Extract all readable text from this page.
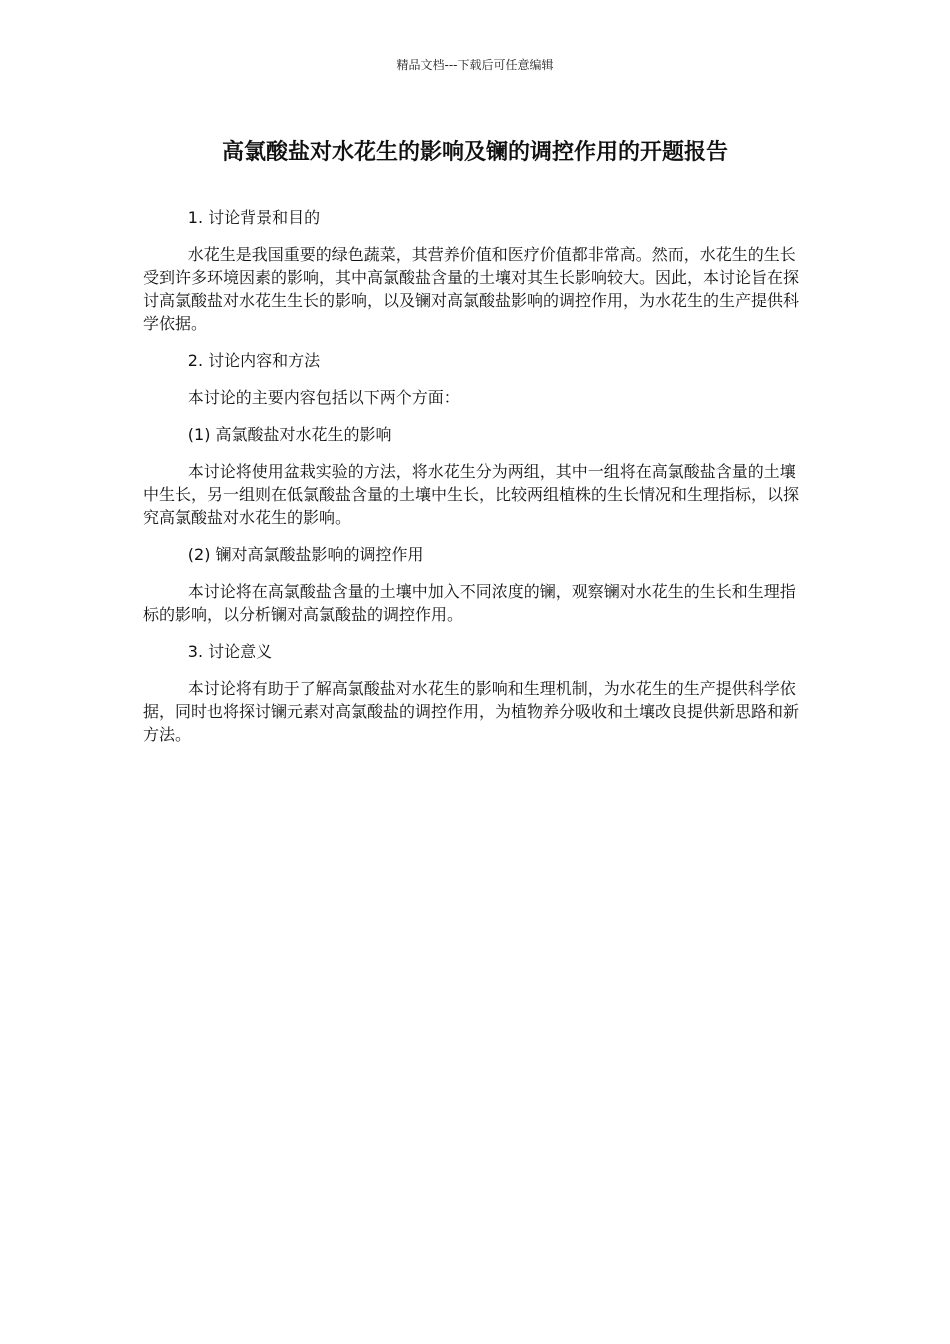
精品文档---下载后可任意编辑
高氯酸盐对水花生的影响及镧的调控作用的开题报告

1. 讨论背景和目的

水花生是我国重要的绿色蔬菜，其营养价值和医疗价值都非常高。然而，水花生的生长受到许多环境因素的影响，其中高氯酸盐含量的土壤对其生长影响较大。因此，本讨论旨在探讨高氯酸盐对水花生生长的影响，以及镧对高氯酸盐影响的调控作用，为水花生的生产提供科学依据。

2. 讨论内容和方法

本讨论的主要内容包括以下两个方面：

(1) 高氯酸盐对水花生的影响

本讨论将使用盆栽实验的方法，将水花生分为两组，其中一组将在高氯酸盐含量的土壤中生长，另一组则在低氯酸盐含量的土壤中生长，比较两组植株的生长情况和生理指标，以探究高氯酸盐对水花生的影响。

(2) 镧对高氯酸盐影响的调控作用

本讨论将在高氯酸盐含量的土壤中加入不同浓度的镧，观察镧对水花生的生长和生理指标的影响，以分析镧对高氯酸盐的调控作用。

3. 讨论意义

本讨论将有助于了解高氯酸盐对水花生的影响和生理机制，为水花生的生产提供科学依据，同时也将探讨镧元素对高氯酸盐的调控作用，为植物养分吸收和土壤改良提供新思路和新方法。
